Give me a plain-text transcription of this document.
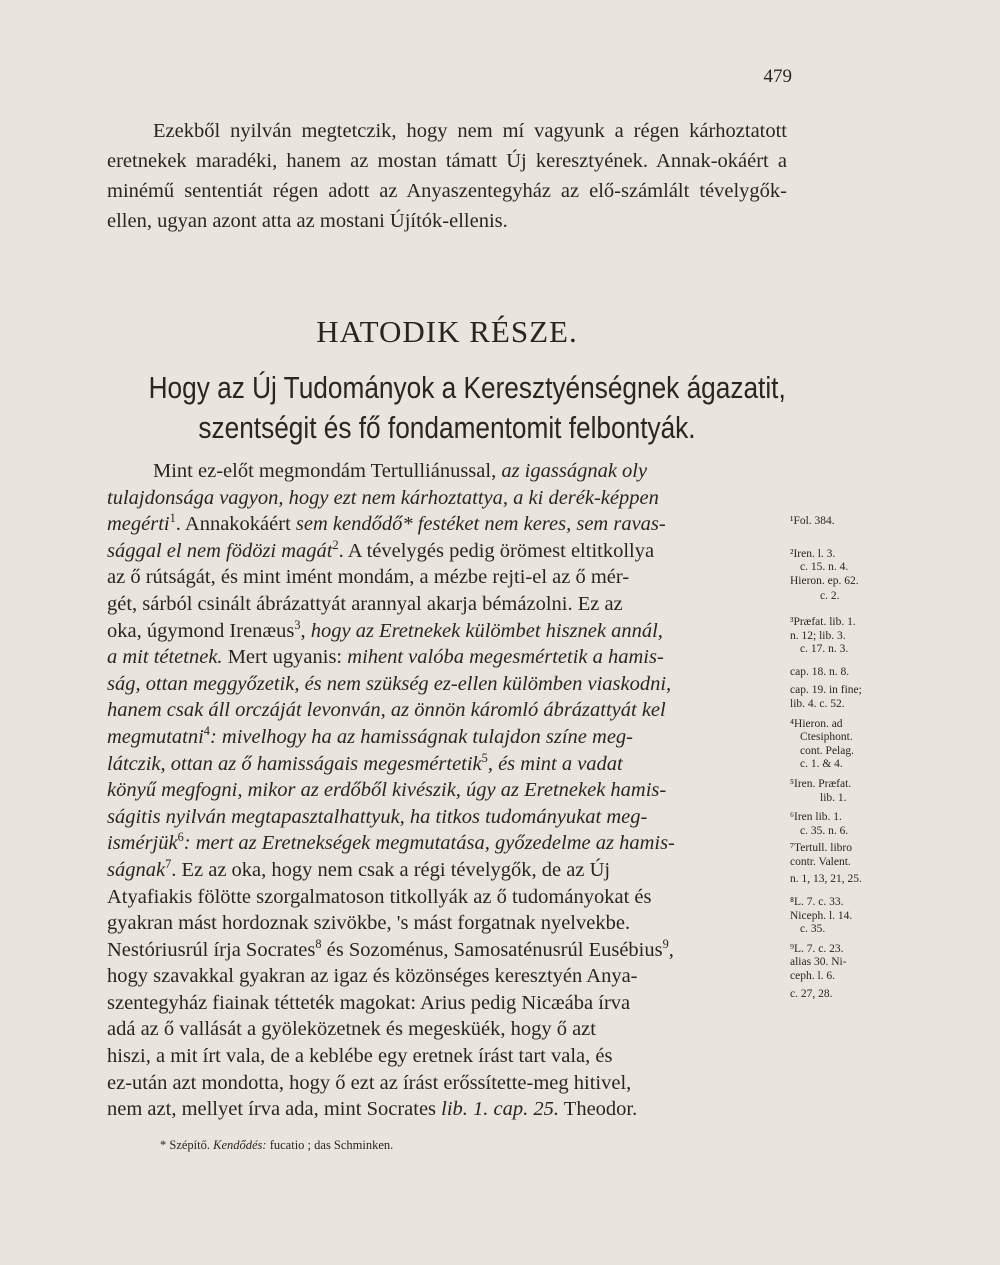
479

Ezekből nyilván megtetczik, hogy nem mí vagyunk a régen kárhoztatott eretnekek maradéki, hanem az mostan támatt Új keresztyének. Annak-okáért a minémű sententiát régen adott az Anyaszentegyház az elő-számlált tévelygők-ellen, ugyan azont atta az mostani Újítók-ellenis.

HATODIK RÉSZE.
Hogy az Új Tudományok a Keresztyénségnek ágazatit,
szentségit és fő fondamentomit felbontyák.
Mint ez-előt megmondám Tertulliánussal, az igasságnak oly
tulajdonsága vagyon, hogy ezt nem kárhoztattya, a ki derék-képpen
megérti$^1$. Annakokáért sem kendődő* festéket nem keres, sem ravas-
sággal el nem födözi magát$^2$. A tévelygés pedig örömest eltitkollya
az ő rútságát, és mint imént mondám, a mézbe rejti-el az ő mér-
gét, sárból csinált ábrázattyát arannyal akarja bémázolni. Ez az
oka, úgymond Irenæus$^3$, hogy az Eretnekek külömbet hisznek annál,
a mit tétetnek. Mert ugyanis: mihent valóba megesmértetik a hamis-
ság, ottan meggyőzetik, és nem szükség ez-ellen külömben viaskodni,
hanem csak áll orczáját levonván, az önnön káromló ábrázattyát kel
megmutatni$^4$: mivelhogy ha az hamisságnak tulajdon színe meg-
látczik, ottan az ő hamisságais megesmértetik$^5$, és mint a vadat
könyű megfogni, mikor az erdőből kivészik, úgy az Eretnekek hamis-
ságitis nyilván megtapasztalhattyuk, ha titkos tudományukat meg-
ismérjük$^6$: mert az Eretnekségek megmutatása, győzedelme az hamis-
ságnak$^7$. Ez az oka, hogy nem csak a régi tévelygők, de az Új
Atyafiakis fölötte szorgalmatoson titkollyák az ő tudományokat és
gyakran mást hordoznak szivökbe, 's mást forgatnak nyelvekbe.
Nestóriusrúl írja Socrates$^8$ és Sozoménus, Samosaténusrúl Eusébius$^9$,
hogy szavakkal gyakran az igaz és közönséges keresztyén Anya-
szentegyház fiainak tétteték magokat: Arius pedig Nicæába írva
adá az ő vallását a gyöleközetnek és megesküék, hogy ő azt
hiszi, a mit írt vala, de a keblébe egy eretnek írást tart vala, és
ez-után azt mondotta, hogy ő ezt az írást erőssítette-meg hitivel,
nem azt, mellyet írva ada, mint Socrates lib. 1. cap. 25. Theodor.
¹Fol. 384.
²Iren. l. 3.
c. 15. n. 4.
Hieron. ep. 62.
c. 2.
³Præfat. lib. 1.
n. 12; lib. 3.
c. 17. n. 3.
cap. 18. n. 8.
cap. 19. in fine;
lib. 4. c. 52.
⁴Hieron. ad
Ctesiphont.
cont. Pelag.
c. 1. & 4.
⁵Iren. Præfat.
lib. 1.
⁶Iren lib. 1.
c. 35. n. 6.
⁷Tertull. libro
contr. Valent.
n. 1, 13, 21, 25.
⁸L. 7. c. 33.
Niceph. l. 14.
c. 35.
⁹L. 7. c. 23.
alias 30. Ni-
ceph. l. 6.
c. 27, 28.
* Szépítő. Kendődés: fucatio ; das Schminken.
